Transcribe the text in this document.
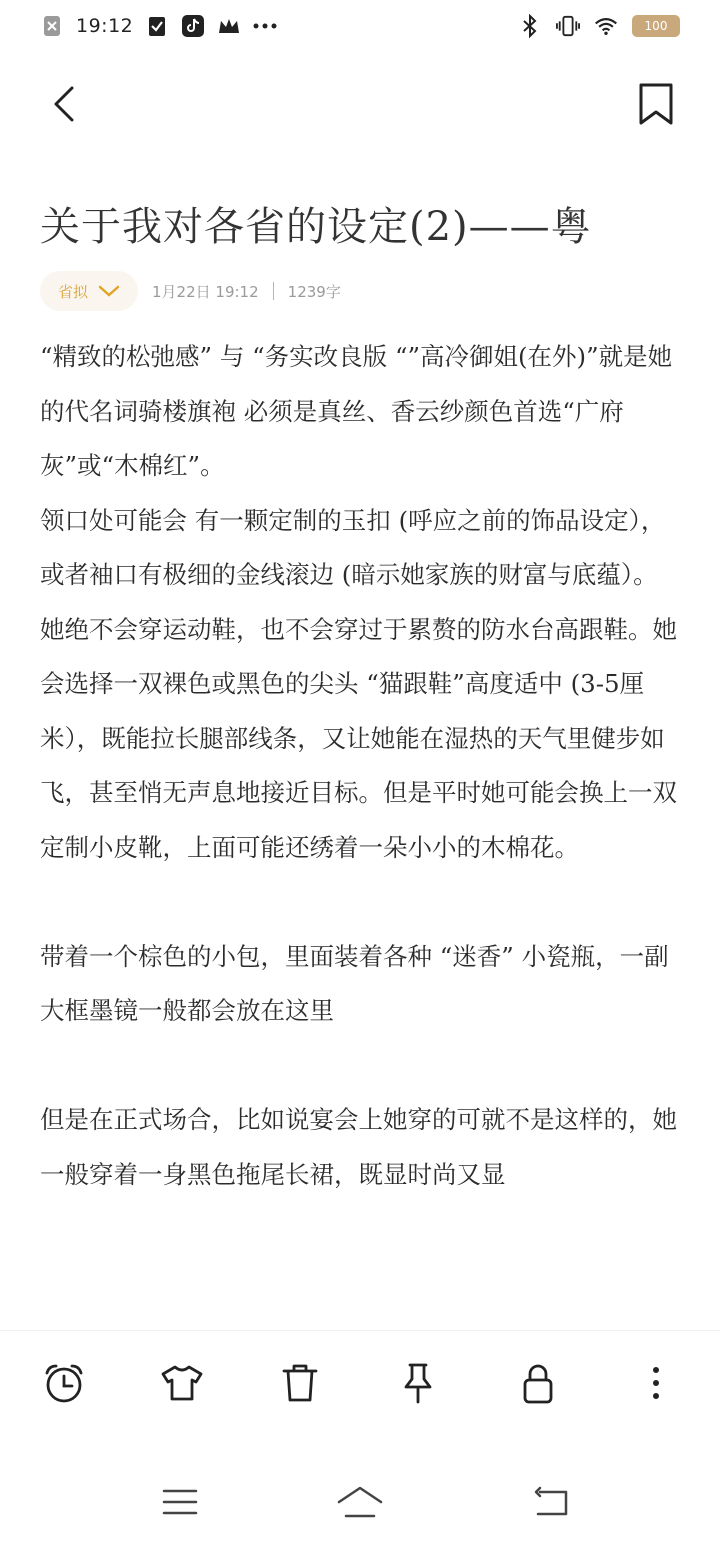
19:12	100
关于我对各省的设定(2)——粤
省拟	1月22日 19:12 1239字

“精致的松弛感” 与 “务实改良版 “”高冷御姐(在外)”就是她的代名词骑楼旗袍 必须是真丝、香云纱颜色首选“广府灰”或“木棉红”。

领口处可能会 有一颗定制的玉扣 (呼应之前的饰品设定），或者袖口有极细的金线滚边 (暗示她家族的财富与底蕴）。

她绝不会穿运动鞋，也不会穿过于累赘的防水台高跟鞋。她会选择一双裸色或黑色的尖头 “猫跟鞋”高度适中 (3-5厘米），既能拉长腿部线条，又让她能在湿热的天气里健步如飞，甚至悄无声息地接近目标。但是平时她可能会换上一双定制小皮靴，上面可能还绣着一朵小小的木棉花。

带着一个棕色的小包，里面装着各种 “迷香” 小瓷瓶，一副大框墨镜一般都会放在这里

但是在正式场合，比如说宴会上她穿的可就不是这样的，她一般穿着一身黑色拖尾长裙，既显时尚又显
